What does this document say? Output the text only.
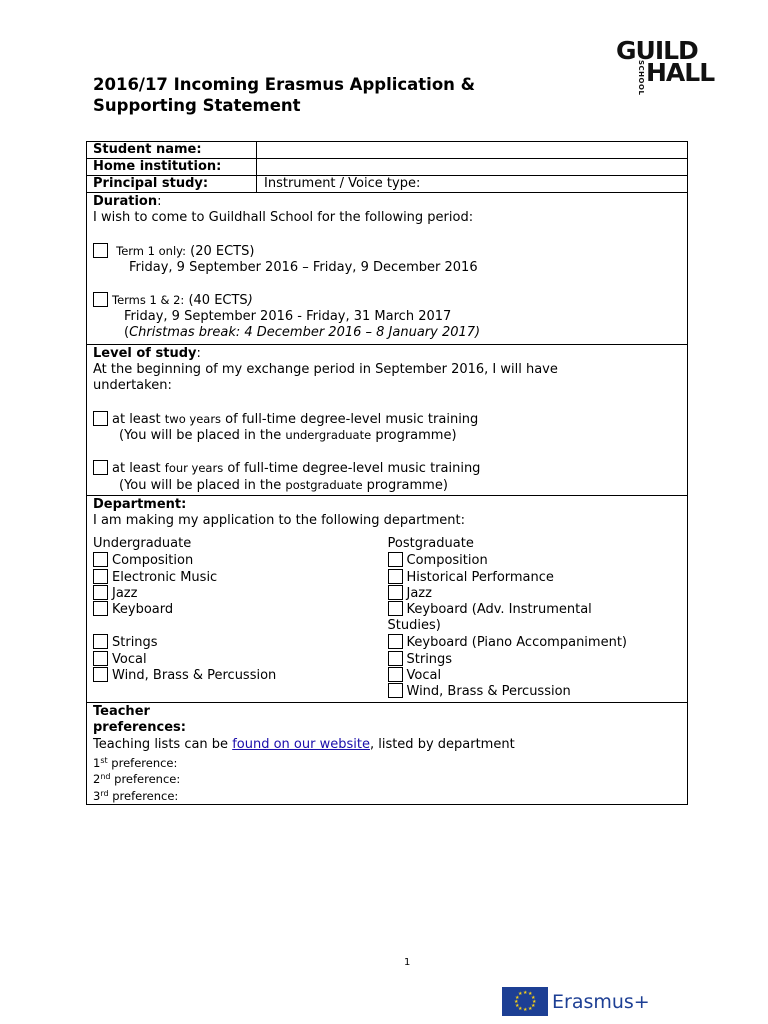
GUILD
SCHOOL HALL
2016/17 Incoming Erasmus Application &
Supporting Statement
Student name:
Home institution:
Principal study:	Instrument / Voice type:
Duration:
I wish to come to Guildhall School for the following period:
Term 1 only: (20 ECTS)
Friday, 9 September 2016 – Friday, 9 December 2016
Terms 1 & 2: (40 ECTS)
Friday, 9 September 2016 - Friday, 31 March 2017
(Christmas break: 4 December 2016 – 8 January 2017)
Level of study:
At the beginning of my exchange period in September 2016, I will have
undertaken:
at least two years of full-time degree-level music training
(You will be placed in the undergraduate programme)
at least four years of full-time degree-level music training
(You will be placed in the postgraduate programme)
Department:
I am making my application to the following department:
Undergraduate
Composition
Electronic Music
Jazz
Keyboard
Strings
Vocal
Wind, Brass & Percussion
Postgraduate
Composition
Historical Performance
Jazz
Keyboard (Adv. Instrumental
Studies)
Keyboard (Piano Accompaniment)
Strings
Vocal
Wind, Brass & Percussion
Teacher
preferences:
Teaching lists can be found on our website, listed by department
1st preference:
2nd preference:
3rd preference:
1
★ ★
★
★
★
★
★
★
★
★
★
★ Erasmus+
